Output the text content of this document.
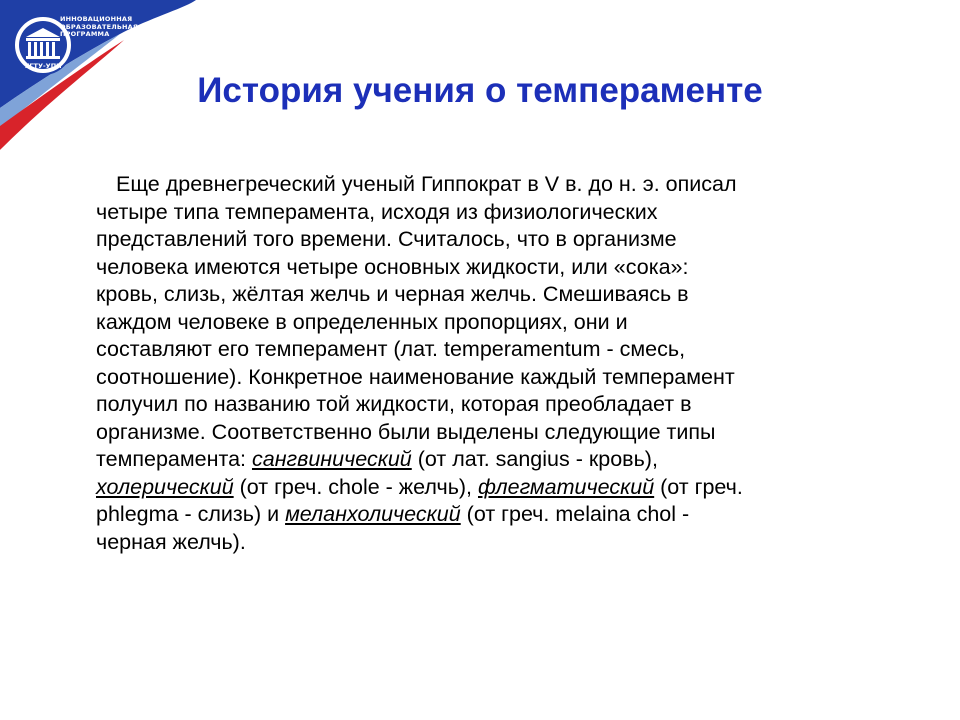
УГТУ-УПИ
ИННОВАЦИОННАЯ
ОБРАЗОВАТЕЛЬНАЯ
ПРОГРАММА
История учения о темпераменте
Еще древнегреческий ученый Гиппократ в V в. до н. э. описал
четыре типа темперамента, исходя из физиологических
представлений того времени. Считалось, что в организме
человека имеются четыре основных жидкости, или «сока»:
кровь, слизь, жёлтая желчь и черная желчь. Смешиваясь в
каждом человеке в определенных пропорциях, они и
составляют его темперамент (лат. temperamentum - смесь,
соотношение). Конкретное наименование каждый темперамент
получил по названию той жидкости, которая преобладает в
организме. Соответственно были выделены следующие типы
темперамента: сангвинический (от лат. sangius - кровь),
холерический (от греч. chole - желчь), флегматический (от греч.
phlegma - слизь) и меланхолический (от греч. melaina chol -
черная желчь).
